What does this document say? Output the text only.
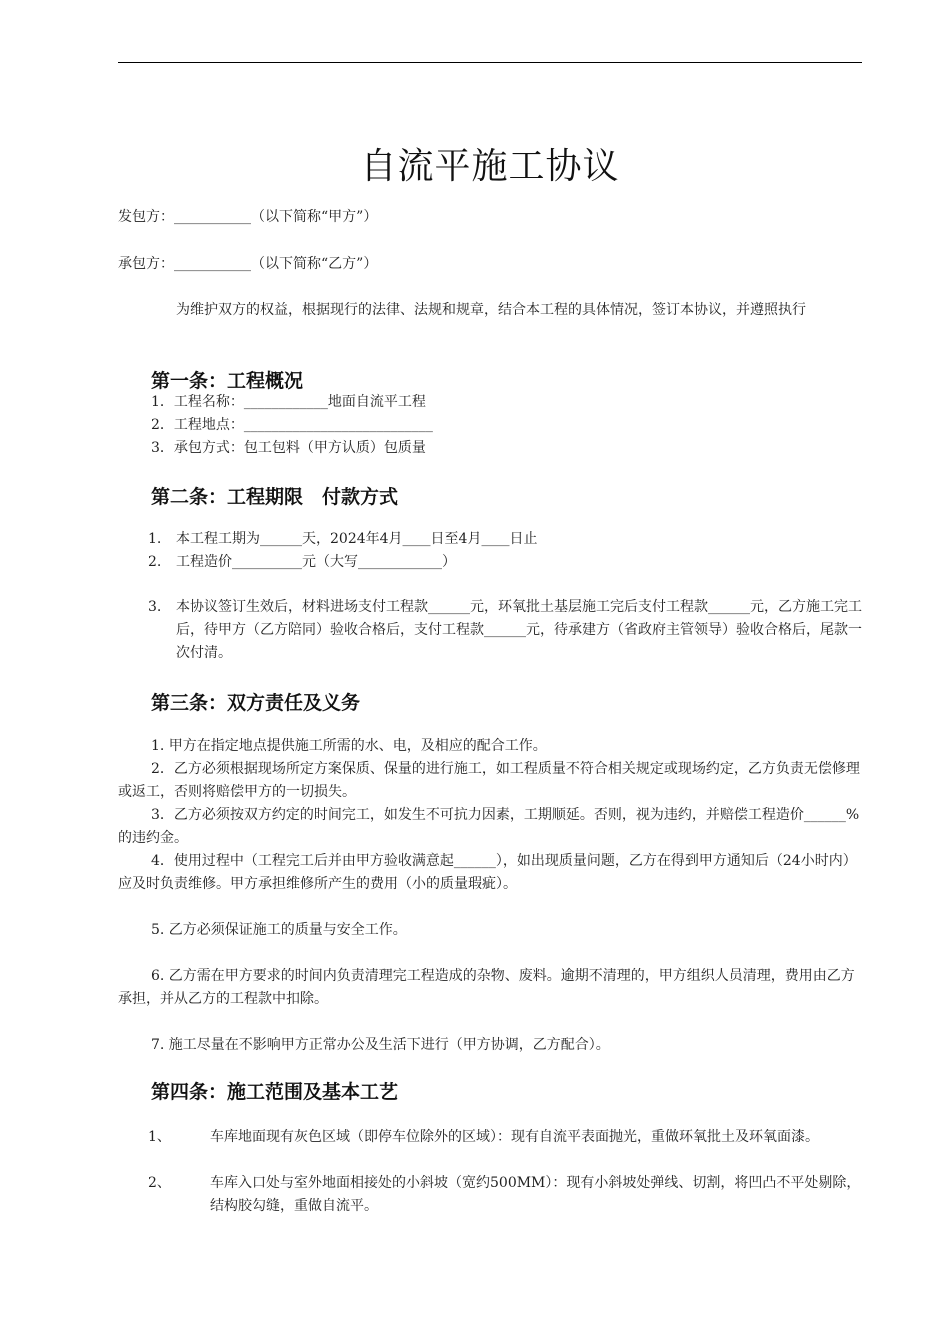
自流平施工协议
发包方：___________（以下简称“甲方”）
承包方：___________（以下简称“乙方”）
为维护双方的权益，根据现行的法律、法规和规章，结合本工程的具体情况，签订本协议，并遵照执行
第一条：工程概况
1．工程名称：____________地面自流平工程
2．工程地点：___________________________
3．承包方式：包工包料（甲方认质）包质量
第二条：工程期限　付款方式
1. 本工程工期为______天，2024年4月____日至4月____日止
2. 工程造价__________元（大写____________）
3. 本协议签订生效后，材料进场支付工程款______元，环氧批土基层施工完后支付工程款______元，乙方施工完工后，待甲方（乙方陪同）验收合格后，支付工程款______元，待承建方（省政府主管领导）验收合格后，尾款一次付清。
第三条：双方责任及义务
1. 甲方在指定地点提供施工所需的水、电，及相应的配合工作。
2．乙方必须根据现场所定方案保质、保量的进行施工，如工程质量不符合相关规定或现场约定，乙方负责无偿修理或返工，否则将赔偿甲方的一切损失。
3．乙方必须按双方约定的时间完工，如发生不可抗力因素，工期顺延。否则，视为违约，并赔偿工程造价______%的违约金。
4．使用过程中（工程完工后并由甲方验收满意起______），如出现质量问题，乙方在得到甲方通知后（24小时内）应及时负责维修。甲方承担维修所产生的费用（小的质量瑕疵）。
5. 乙方必须保证施工的质量与安全工作。
6. 乙方需在甲方要求的时间内负责清理完工程造成的杂物、废料。逾期不清理的，甲方组织人员清理，费用由乙方承担，并从乙方的工程款中扣除。
7. 施工尽量在不影响甲方正常办公及生活下进行（甲方协调，乙方配合）。
第四条：施工范围及基本工艺
1、	车库地面现有灰色区域（即停车位除外的区域）：现有自流平表面抛光，重做环氧批土及环氧面漆。
2、	车库入口处与室外地面相接处的小斜坡（宽约500MM）：现有小斜坡处弹线、切割，将凹凸不平处剔除，结构胶勾缝，重做自流平。
